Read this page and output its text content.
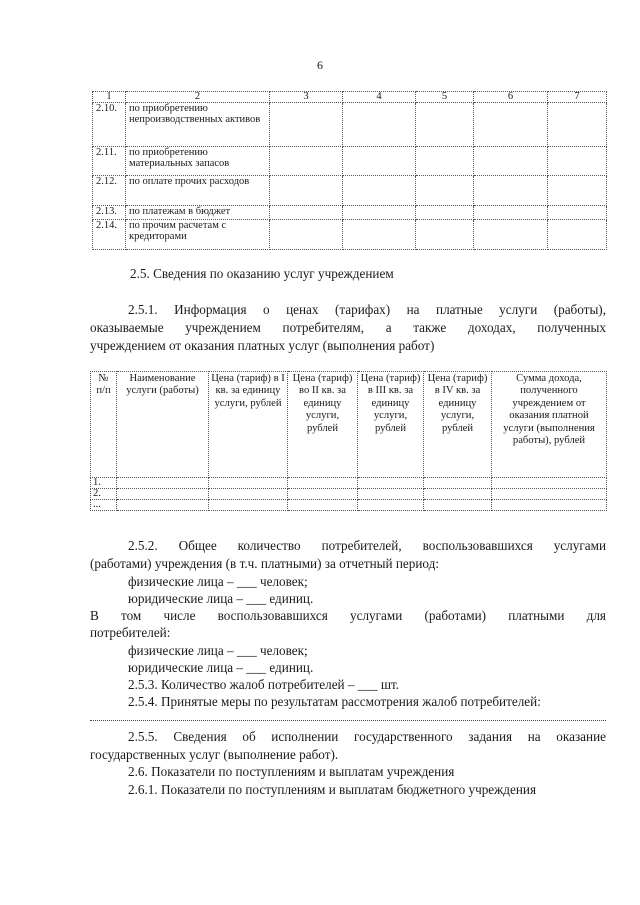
6
1	2	3	4	5	6	7
2.10.	по приобретению непроизводственных активов					
2.11.	по приобретению материальных запасов					
2.12.	по оплате прочих расходов					
2.13.	по платежам в бюджет					
2.14.	по прочим расчетам с кредиторами					
2.5. Сведения по оказанию услуг учреждением
2.5.1. Информация о ценах (тарифах) на платные услуги (работы),
оказываемые учреждением потребителям, а также доходах, полученных
учреждением от оказания платных услуг (выполнения работ)
№ п/п	Наименование услуги (работы)	Цена (тариф) в I кв. за единицу услуги, рублей	Цена (тариф) во II кв. за единицу услуги, рублей	Цена (тариф) в III кв. за единицу услуги, рублей	Цена (тариф) в IV кв. за единицу услуги, рублей	Сумма дохода, полученного учреждением от оказания платной услуги (выполнения работы), рублей
1.						
2.						
...						
2.5.2. Общее количество потребителей, воспользовавшихся услугами
(работами) учреждения (в т.ч. платными) за отчетный период:
физические лица – ___ человек;
юридические лица – ___ единиц.
В том числе воспользовавшихся услугами (работами) платными для
потребителей:
физические лица – ___ человек;
юридические лица – ___ единиц.
2.5.3. Количество жалоб потребителей – ___ шт.
2.5.4. Принятые меры по результатам рассмотрения жалоб потребителей:
2.5.5. Сведения об исполнении государственного задания на оказание
государственных услуг (выполнение работ).
2.6. Показатели по поступлениям и выплатам учреждения
2.6.1. Показатели по поступлениям и выплатам бюджетного учреждения
